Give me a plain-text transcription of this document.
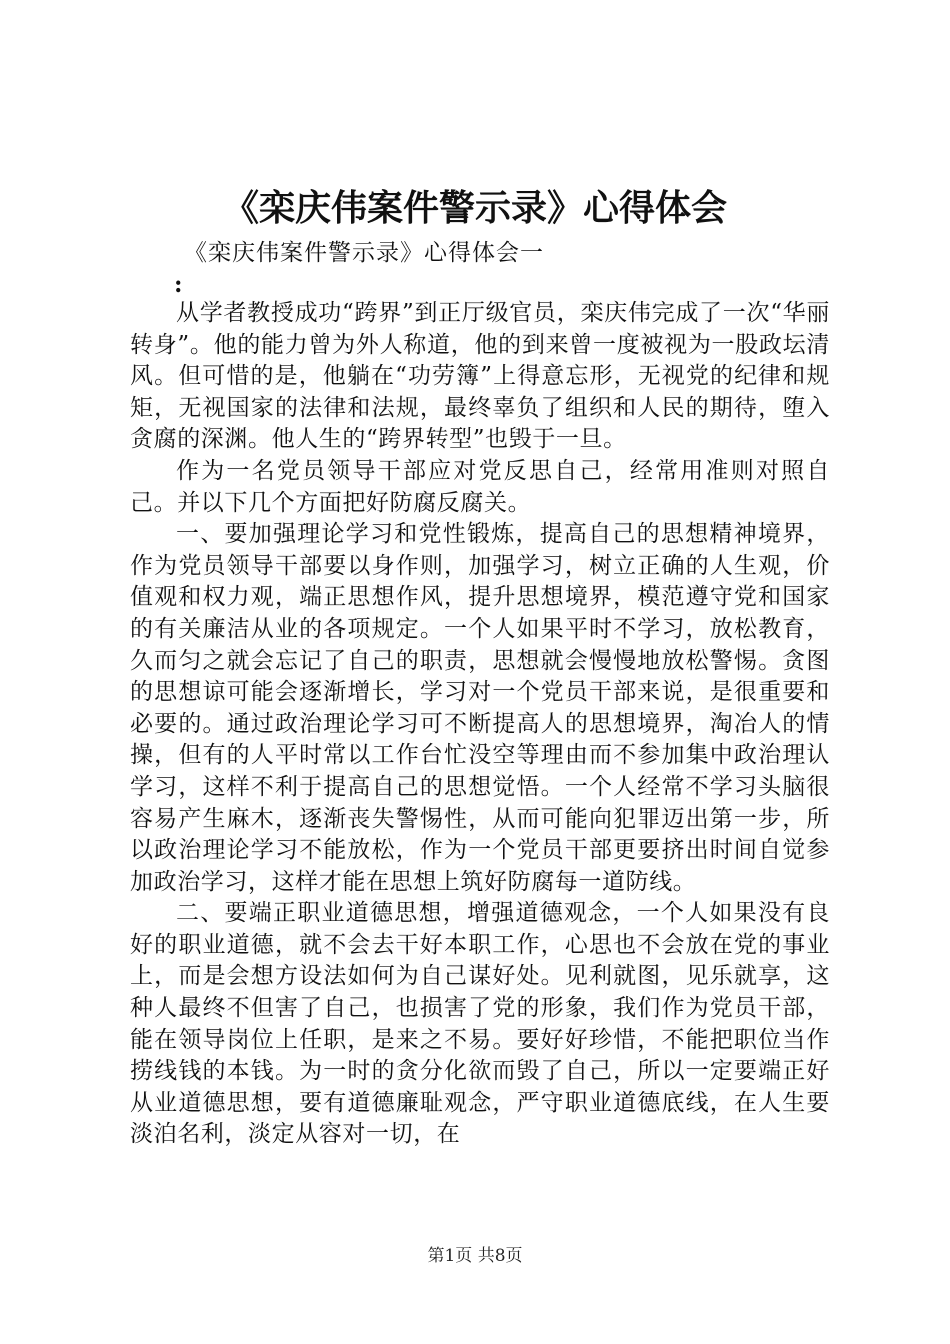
《栾庆伟案件警示录》心得体会
《栾庆伟案件警示录》心得体会一
:

从学者教授成功“跨界”到正厅级官员，栾庆伟完成了一次“华丽转身”。他的能力曾为外人称道，他的到来曾一度被视为一股政坛清风。但可惜的是，他躺在“功劳簿”上得意忘形，无视党的纪律和规矩，无视国家的法律和法规，最终辜负了组织和人民的期待，堕入贪腐的深渊。他人生的“跨界转型”也毁于一旦。

作为一名党员领导干部应对党反思自己，经常用准则对照自己。并以下几个方面把好防腐反腐关。

一、要加强理论学习和党性锻炼，提高自己的思想精神境界，作为党员领导干部要以身作则，加强学习，树立正确的人生观，价值观和权力观，端正思想作风，提升思想境界，模范遵守党和国家的有关廉洁从业的各项规定。一个人如果平时不学习，放松教育，久而匀之就会忘记了自己的职责，思想就会慢慢地放松警惕。贪图的思想谅可能会逐渐增长，学习对一个党员干部来说，是很重要和必要的。通过政治理论学习可不断提高人的思想境界，淘冶人的情操，但有的人平时常以工作台忙没空等理由而不参加集中政治理认学习，这样不利于提高自己的思想觉悟。一个人经常不学习头脑很容易产生麻木，逐渐丧失警惕性，从而可能向犯罪迈出第一步，所以政治理论学习不能放松，作为一个党员干部更要挤出时间自觉参加政治学习，这样才能在思想上筑好防腐每一道防线。

二、要端正职业道德思想，增强道德观念，一个人如果没有良好的职业道德，就不会去干好本职工作，心思也不会放在党的事业上，而是会想方设法如何为自己谋好处。见利就图，见乐就享，这种人最终不但害了自己，也损害了党的形象，我们作为党员干部，能在领导岗位上任职，是来之不易。要好好珍惜，不能把职位当作捞线钱的本钱。为一时的贪分化欲而毁了自己，所以一定要端正好从业道德思想，要有道德廉耻观念，严守职业道德底线，在人生要淡泊名利，淡定从容对一切，在

第1页 共8页
